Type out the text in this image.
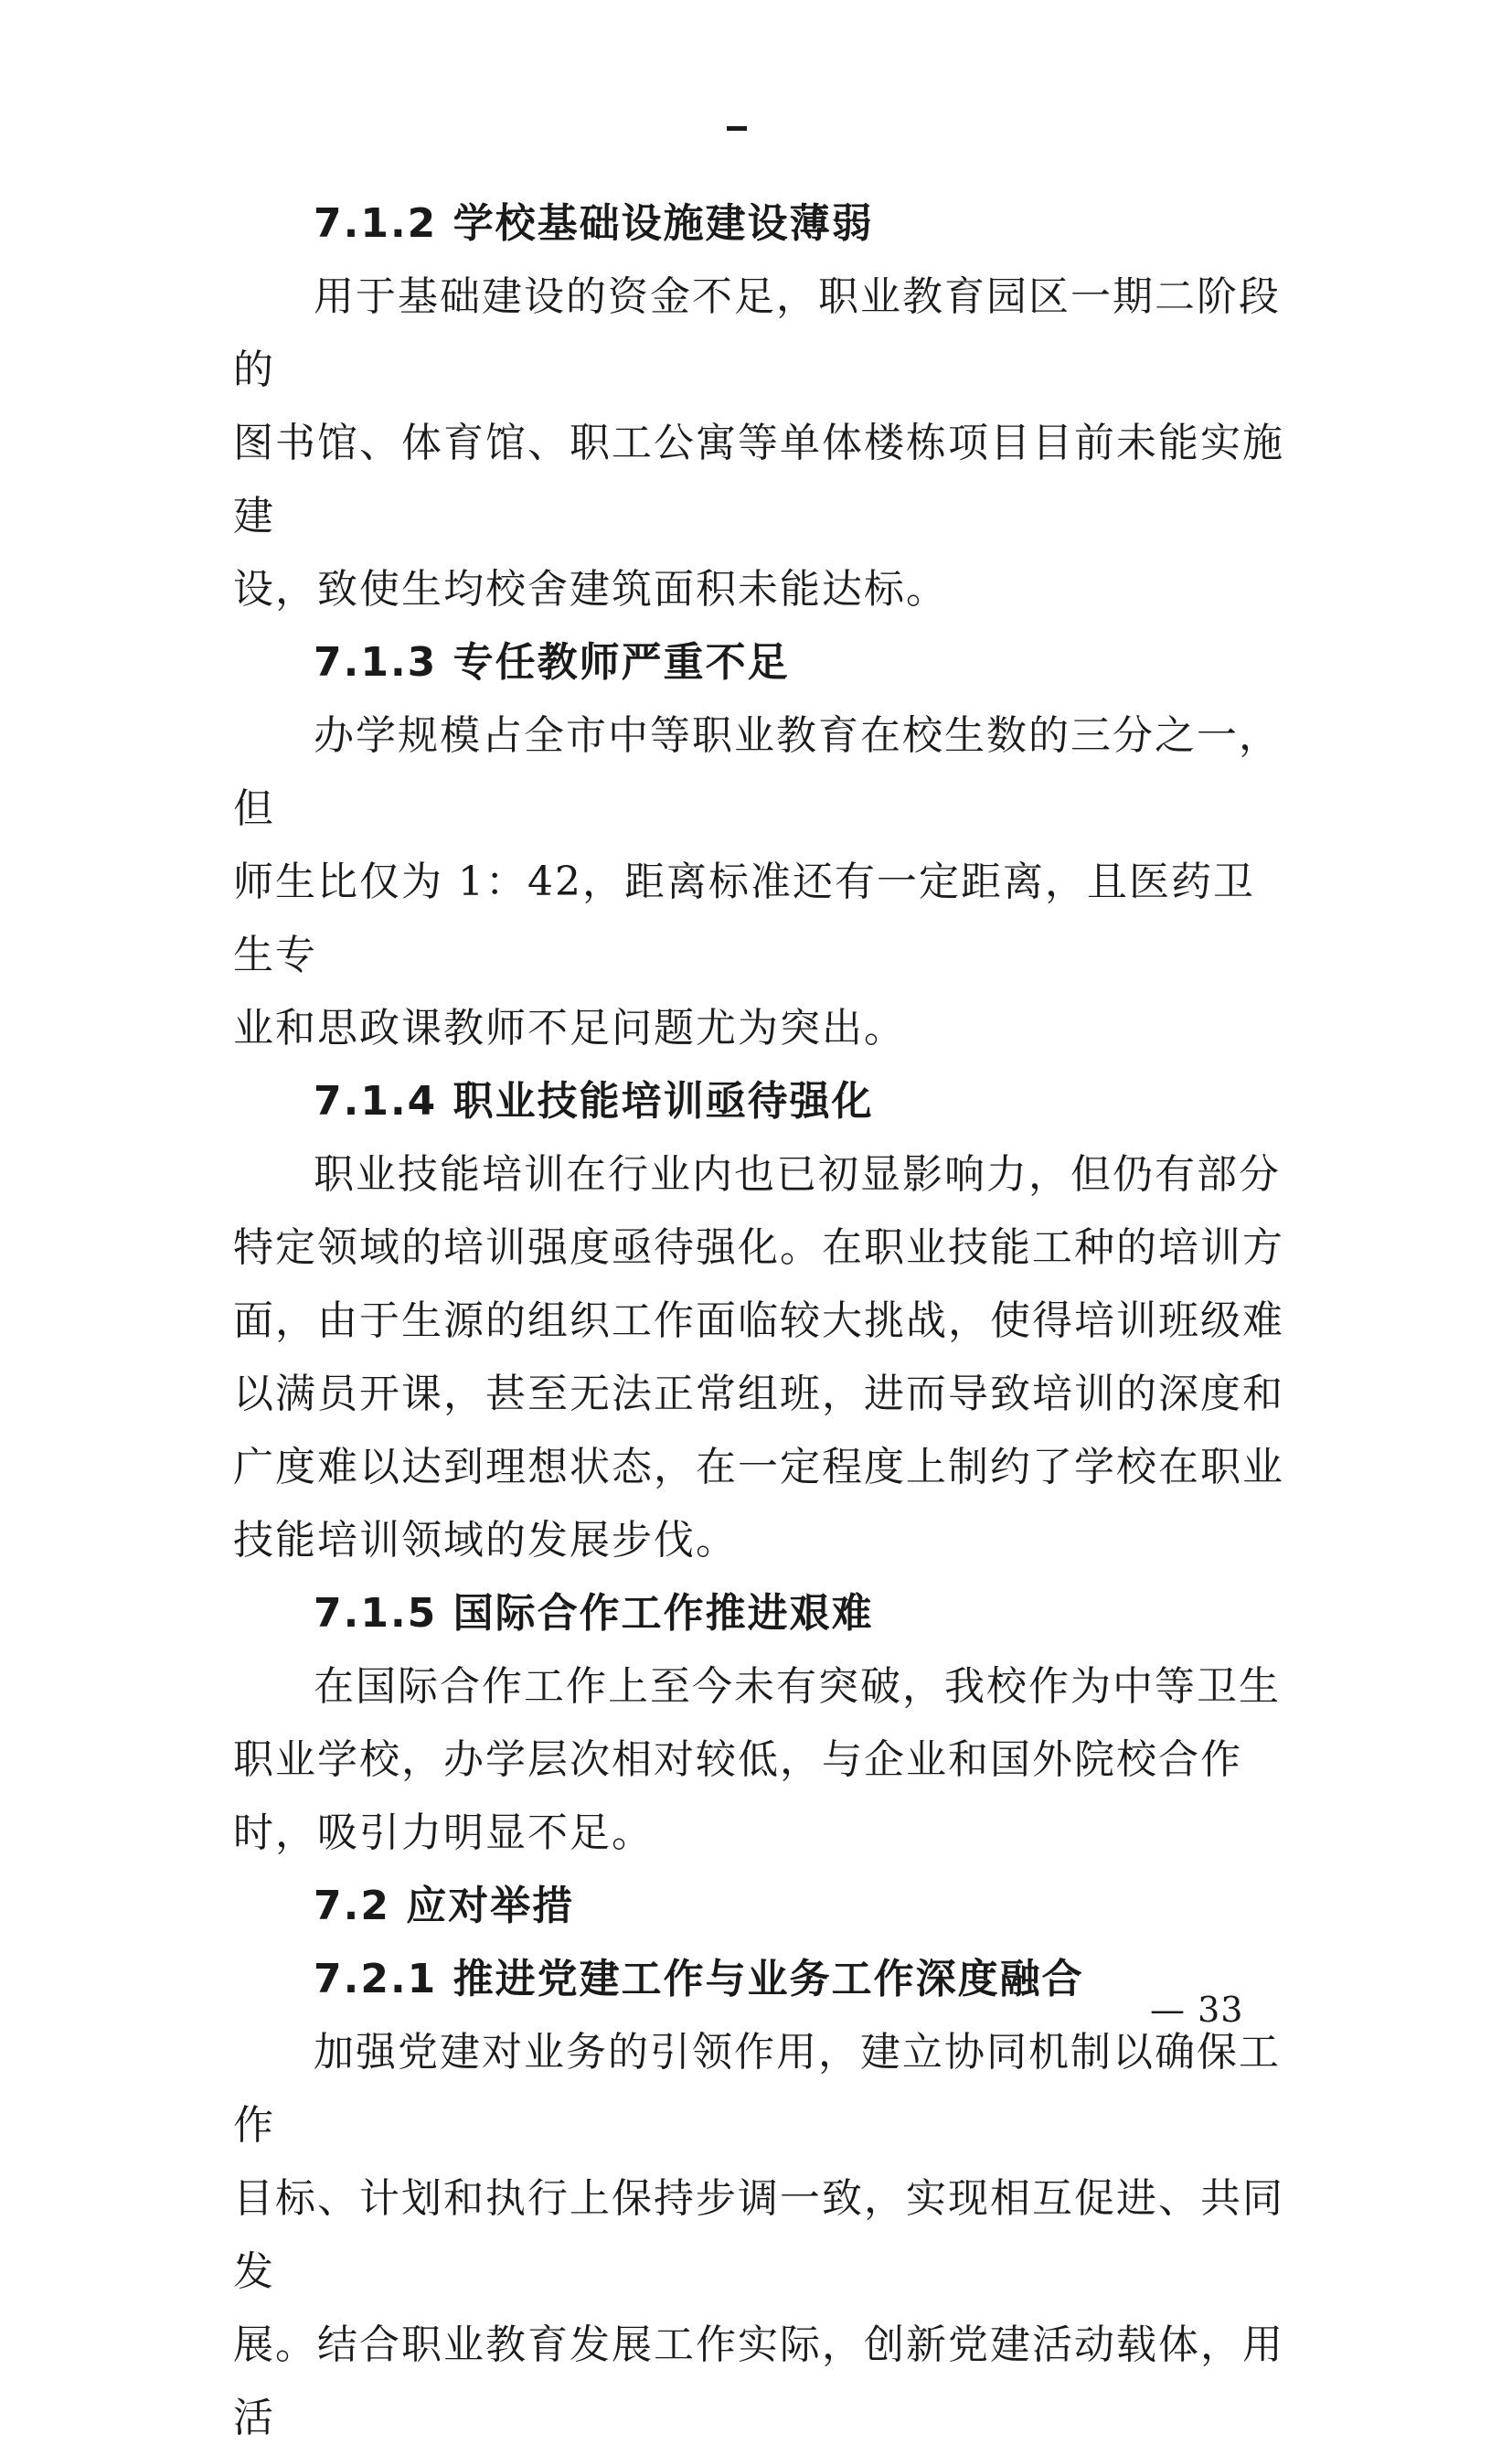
7.1.2 学校基础设施建设薄弱

用于基础建设的资金不足，职业教育园区一期二阶段的
图书馆、体育馆、职工公寓等单体楼栋项目目前未能实施建
设，致使生均校舍建筑面积未能达标。

7.1.3 专任教师严重不足

办学规模占全市中等职业教育在校生数的三分之一，但
师生比仅为 1：42，距离标准还有一定距离，且医药卫生专
业和思政课教师不足问题尤为突出。

7.1.4 职业技能培训亟待强化

职业技能培训在行业内也已初显影响力，但仍有部分
特定领域的培训强度亟待强化。在职业技能工种的培训方
面，由于生源的组织工作面临较大挑战，使得培训班级难
以满员开课，甚至无法正常组班，进而导致培训的深度和
广度难以达到理想状态，在一定程度上制约了学校在职业
技能培训领域的发展步伐。

7.1.5 国际合作工作推进艰难

在国际合作工作上至今未有突破，我校作为中等卫生
职业学校，办学层次相对较低，与企业和国外院校合作
时，吸引力明显不足。

7.2 应对举措
7.2.1 推进党建工作与业务工作深度融合

加强党建对业务的引领作用，建立协同机制以确保工作
目标、计划和执行上保持步调一致，实现相互促进、共同发
展。结合职业教育发展工作实际，创新党建活动载体，用活

— 33
